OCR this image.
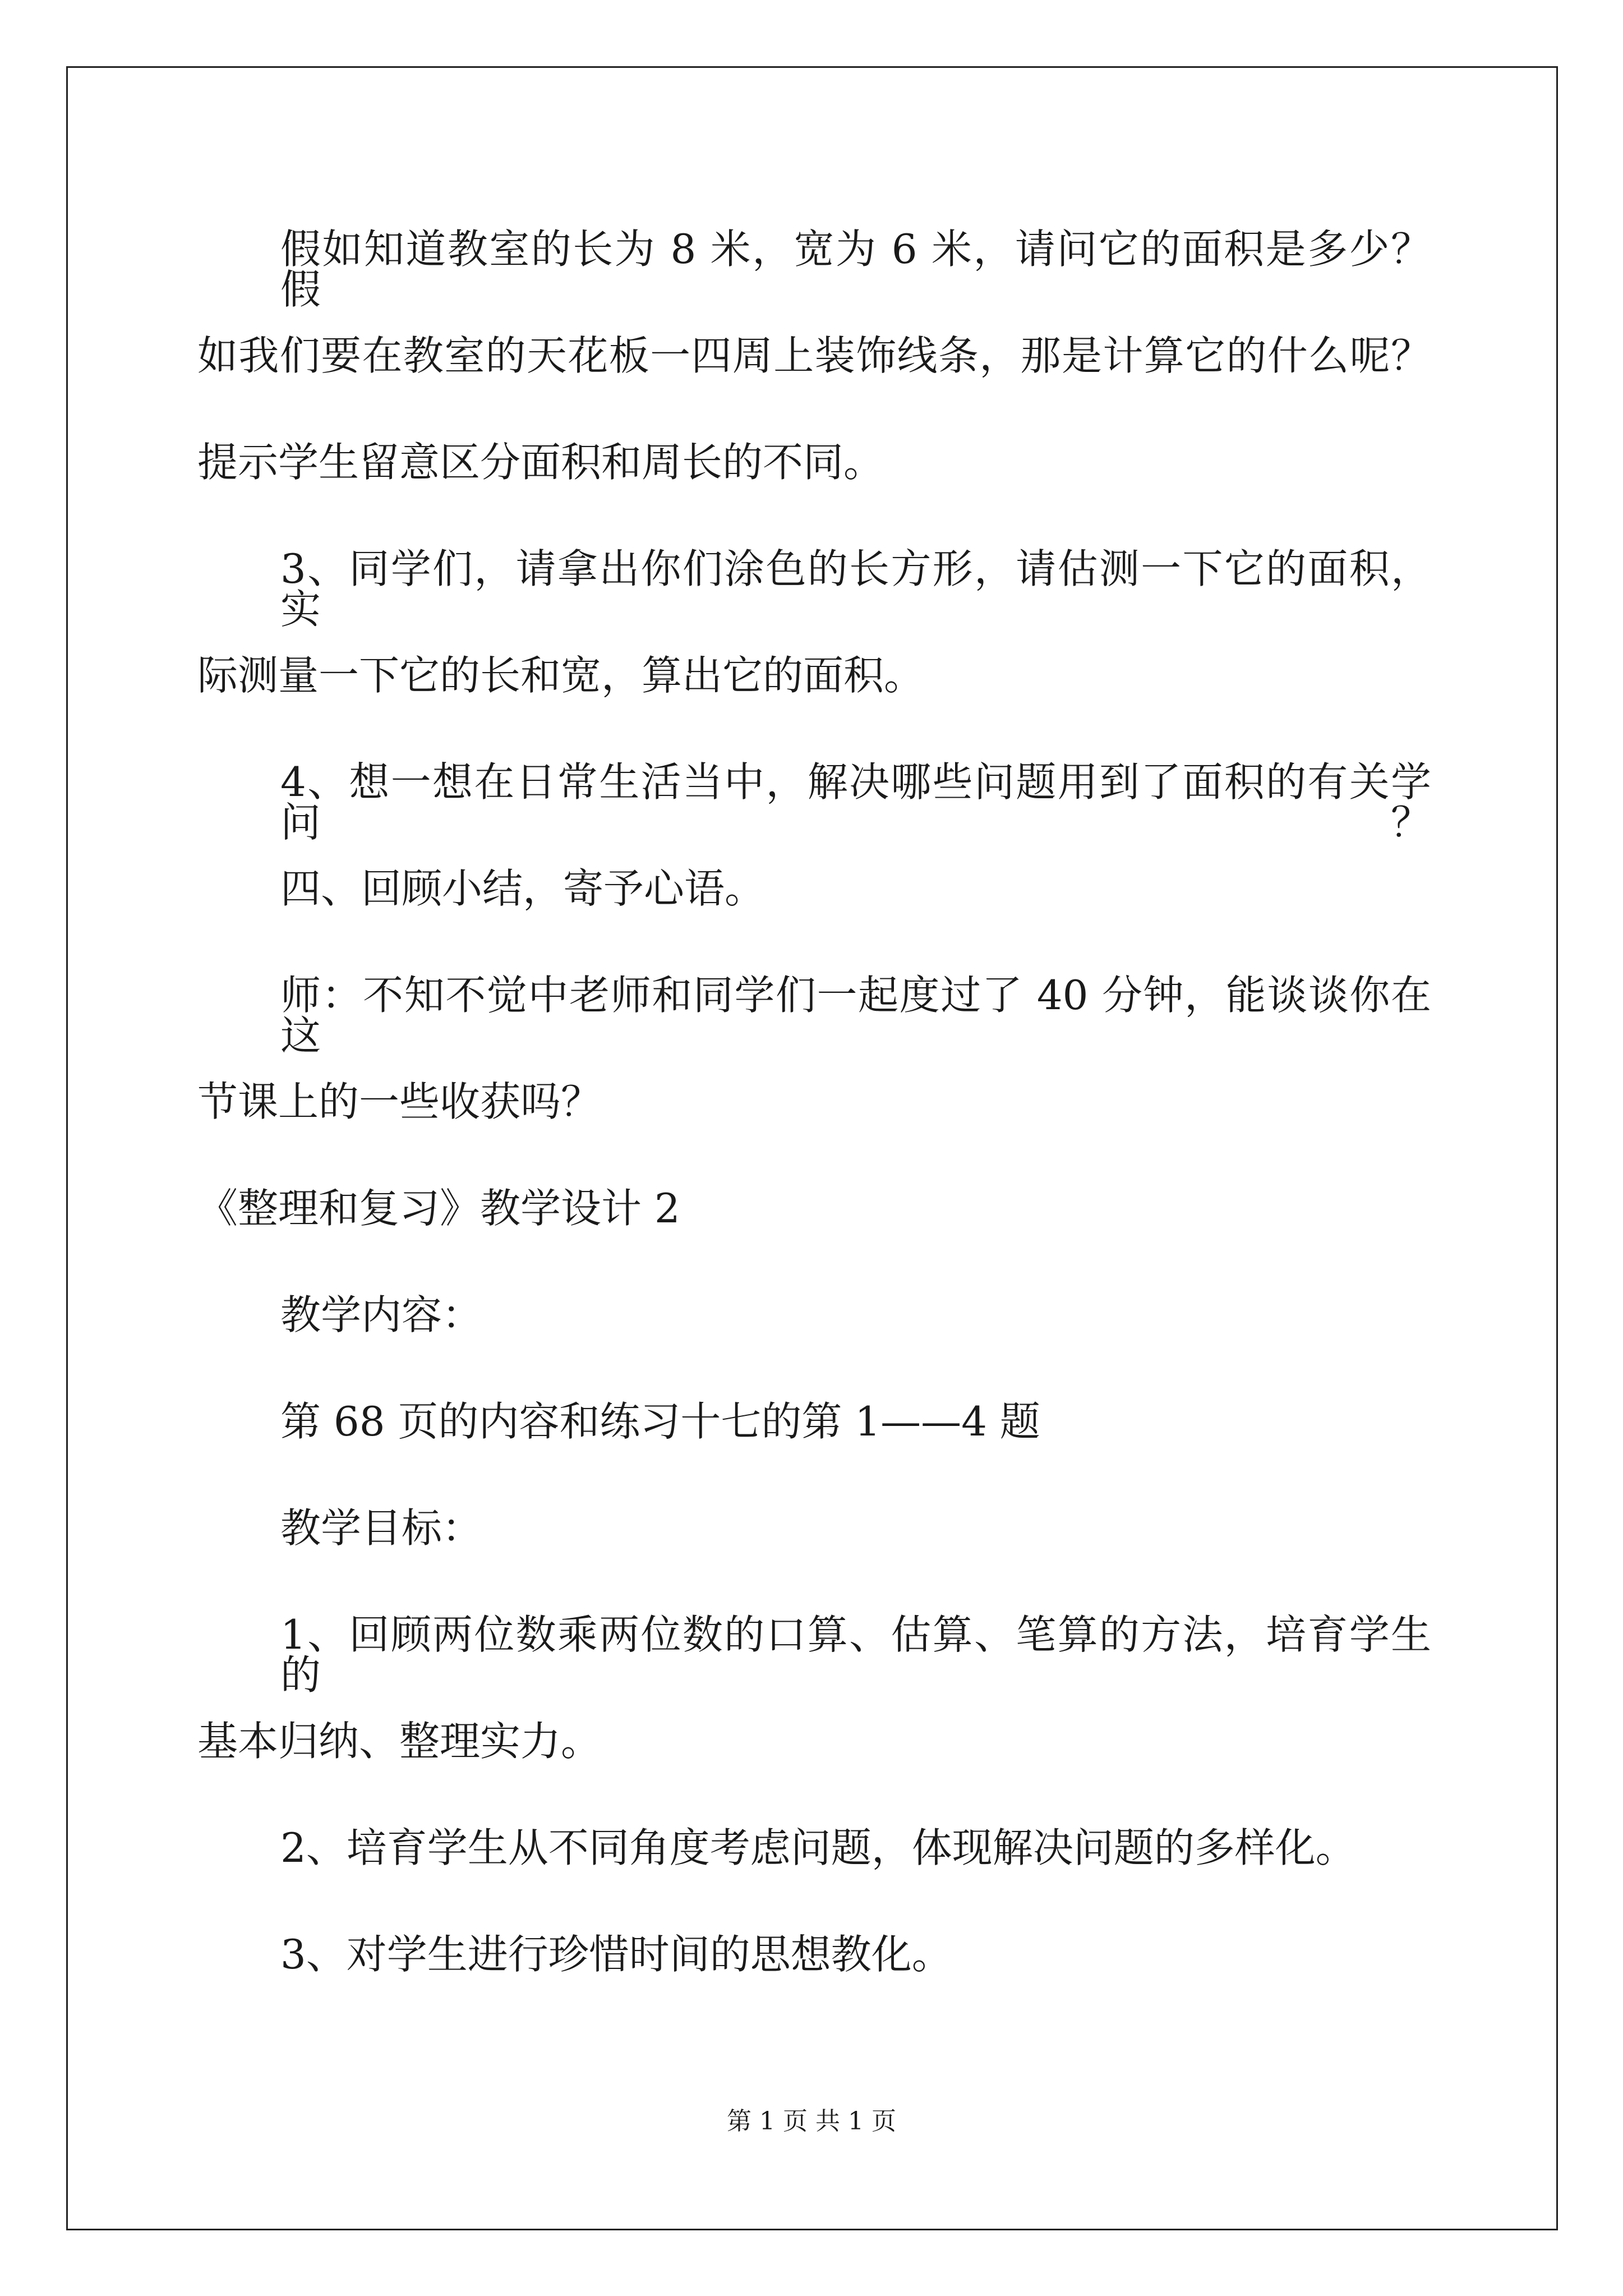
假如知道教室的长为 8 米，宽为 6 米，请问它的面积是多少？假
如我们要在教室的天花板一四周上装饰线条，那是计算它的什么呢？
提示学生留意区分面积和周长的不同。
3、同学们，请拿出你们涂色的长方形，请估测一下它的面积，实
际测量一下它的长和宽，算出它的面积。
4、想一想在日常生活当中，解决哪些问题用到了面积的有关学问？
四、回顾小结，寄予心语。
师：不知不觉中老师和同学们一起度过了 40 分钟，能谈谈你在这
节课上的一些收获吗？
《整理和复习》教学设计 2
教学内容：
第 68 页的内容和练习十七的第 1——4 题
教学目标：
1、回顾两位数乘两位数的口算、估算、笔算的方法，培育学生的
基本归纳、整理实力。
2、培育学生从不同角度考虑问题，体现解决问题的多样化。
3、对学生进行珍惜时间的思想教化。
第 1 页 共 1 页
